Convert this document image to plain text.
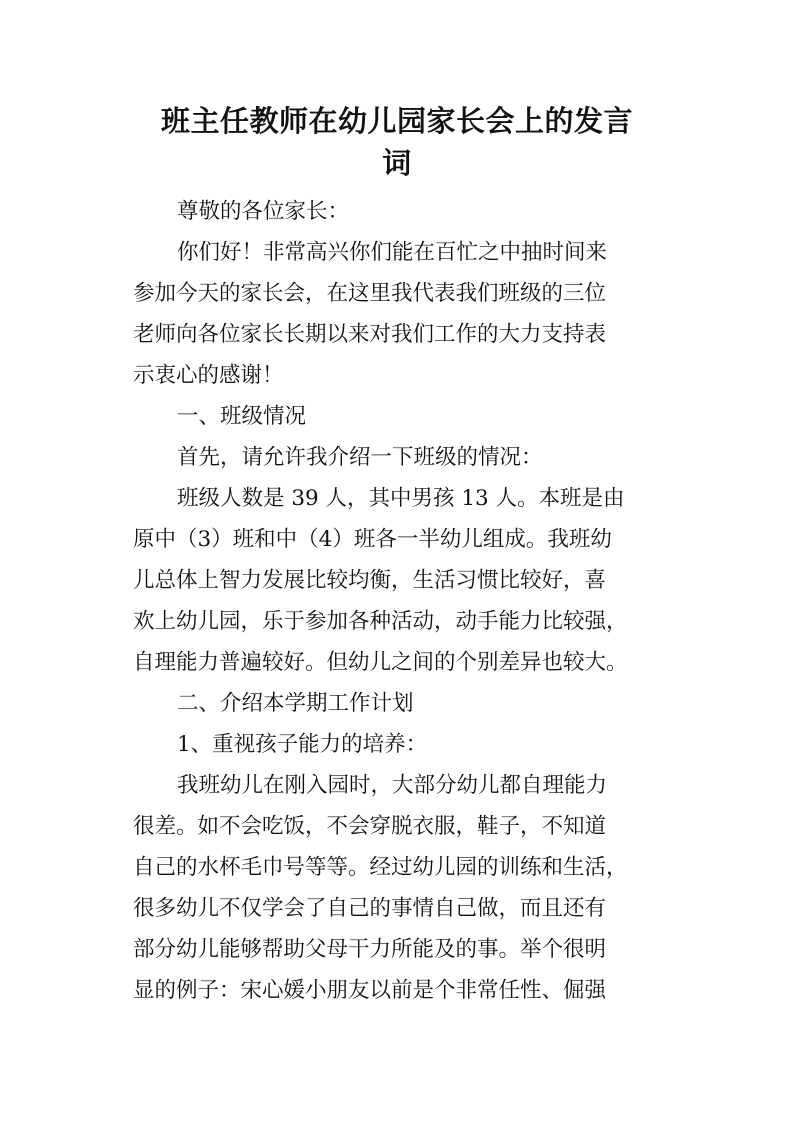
班主任教师在幼儿园家长会上的发言
词
尊敬的各位家长：
你们好！非常高兴你们能在百忙之中抽时间来
参加今天的家长会，在这里我代表我们班级的三位
老师向各位家长长期以来对我们工作的大力支持表
示衷心的感谢！
一、班级情况
首先，请允许我介绍一下班级的情况：
班级人数是 39 人，其中男孩 13 人。本班是由
原中（3）班和中（4）班各一半幼儿组成。我班幼
儿总体上智力发展比较均衡，生活习惯比较好，喜
欢上幼儿园，乐于参加各种活动，动手能力比较强，
自理能力普遍较好。但幼儿之间的个别差异也较大。
二、介绍本学期工作计划
1、重视孩子能力的培养：
我班幼儿在刚入园时，大部分幼儿都自理能力
很差。如不会吃饭，不会穿脱衣服，鞋子，不知道
自己的水杯毛巾号等等。经过幼儿园的训练和生活，
很多幼儿不仅学会了自己的事情自己做，而且还有
部分幼儿能够帮助父母干力所能及的事。举个很明
显的例子：宋心媛小朋友以前是个非常任性、倔强
